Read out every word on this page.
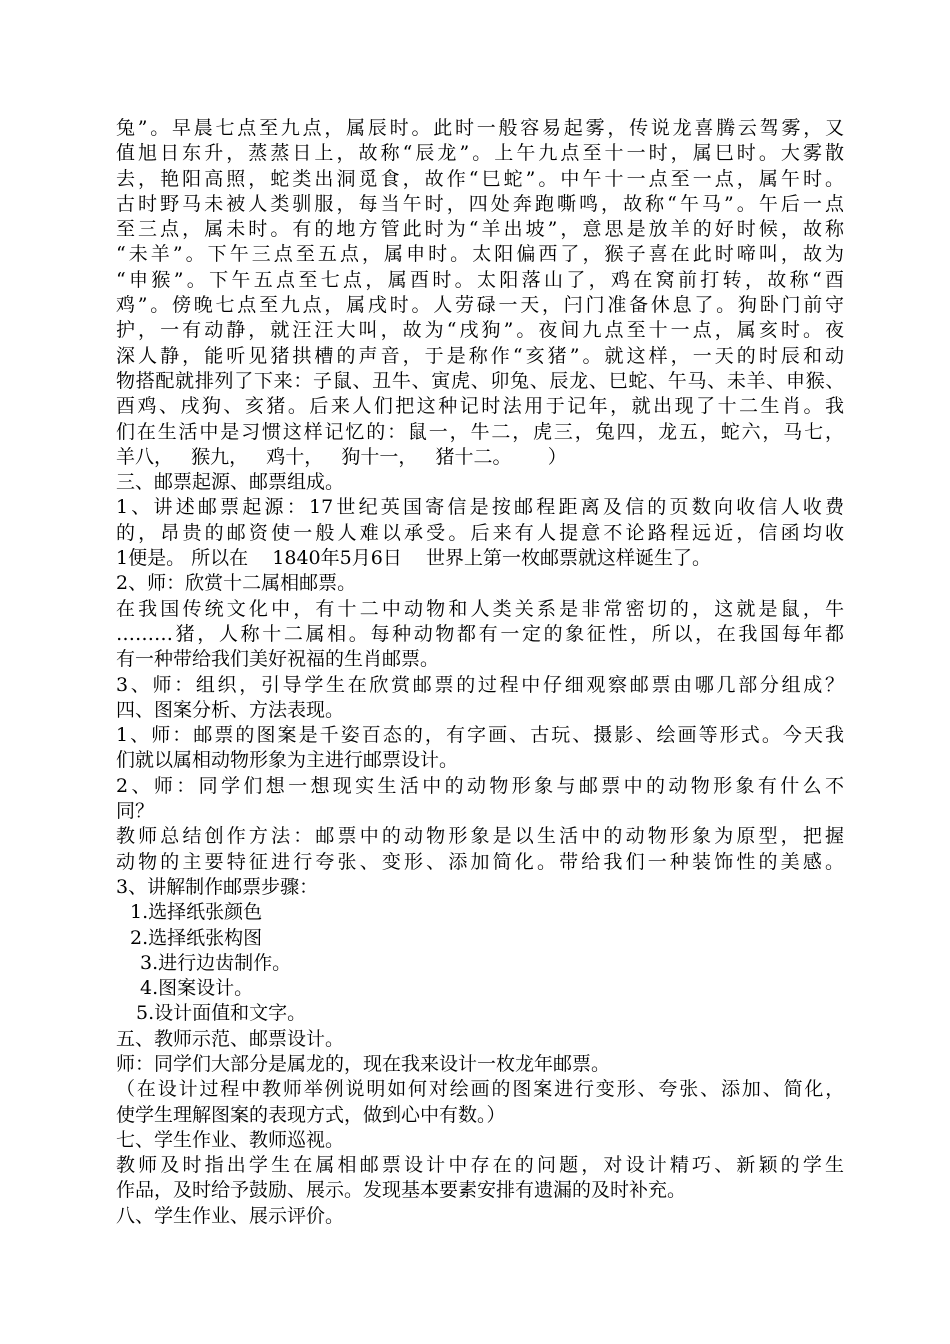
兔”。早晨七点至九点，属辰时。此时一般容易起雾，传说龙喜腾云驾雾，又
值旭日东升，蒸蒸日上，故称“辰龙”。上午九点至十一时，属巳时。大雾散
去，艳阳高照，蛇类出洞觅食，故作“巳蛇”。中午十一点至一点，属午时。
古时野马未被人类驯服，每当午时，四处奔跑嘶鸣，故称“午马”。午后一点
至三点，属未时。有的地方管此时为“羊出坡”，意思是放羊的好时候，故称
“未羊”。下午三点至五点，属申时。太阳偏西了，猴子喜在此时啼叫，故为
“申猴”。下午五点至七点，属酉时。太阳落山了，鸡在窝前打转，故称“酉
鸡”。傍晚七点至九点，属戌时。人劳碌一天，闩门准备休息了。狗卧门前守
护，一有动静，就汪汪大叫，故为“戌狗”。夜间九点至十一点，属亥时。夜
深人静，能听见猪拱槽的声音，于是称作“亥猪”。就这样，一天的时辰和动
物搭配就排列了下来：子鼠、丑牛、寅虎、卯兔、辰龙、巳蛇、午马、未羊、申猴、
酉鸡、戌狗、亥猪。后来人们把这种记时法用于记年，就出现了十二生肖。我
们在生活中是习惯这样记忆的：鼠一，牛二，虎三，兔四，龙五，蛇六，马七，
羊八，   猴九，   鸡十，   狗十一，   猪十二。      ）
三、邮票起源、邮票组成。
1、讲述邮票起源：17世纪英国寄信是按邮程距离及信的页数向收信人收费
的，昂贵的邮资使一般人难以承受。后来有人提意不论路程远近，信函均收
1便是。 所以在    1840年5月6日    世界上第一枚邮票就这样诞生了。
2、师：欣赏十二属相邮票。
在我国传统文化中，有十二中动物和人类关系是非常密切的，这就是鼠，牛
………猪，人称十二属相。每种动物都有一定的象征性，所以，在我国每年都
有一种带给我们美好祝福的生肖邮票。
3、师：组织，引导学生在欣赏邮票的过程中仔细观察邮票由哪几部分组成？
四、图案分析、方法表现。
1、师：邮票的图案是千姿百态的，有字画、古玩、摄影、绘画等形式。今天我
们就以属相动物形象为主进行邮票设计。
2、师：同学们想一想现实生活中的动物形象与邮票中的动物形象有什么不
同？
教师总结创作方法：邮票中的动物形象是以生活中的动物形象为原型，把握
动物的主要特征进行夸张、变形、添加简化。带给我们一种装饰性的美感。
3、讲解制作邮票步骤：
1.选择纸张颜色
2.选择纸张构图
3.进行边齿制作。
4.图案设计。
5.设计面值和文字。
五、教师示范、邮票设计。
师：同学们大部分是属龙的，现在我来设计一枚龙年邮票。
（在设计过程中教师举例说明如何对绘画的图案进行变形、夸张、添加、简化，
使学生理解图案的表现方式，做到心中有数。）
七、学生作业、教师巡视。
教师及时指出学生在属相邮票设计中存在的问题，对设计精巧、新颖的学生
作品，及时给予鼓励、展示。发现基本要素安排有遗漏的及时补充。
八、学生作业、展示评价。
